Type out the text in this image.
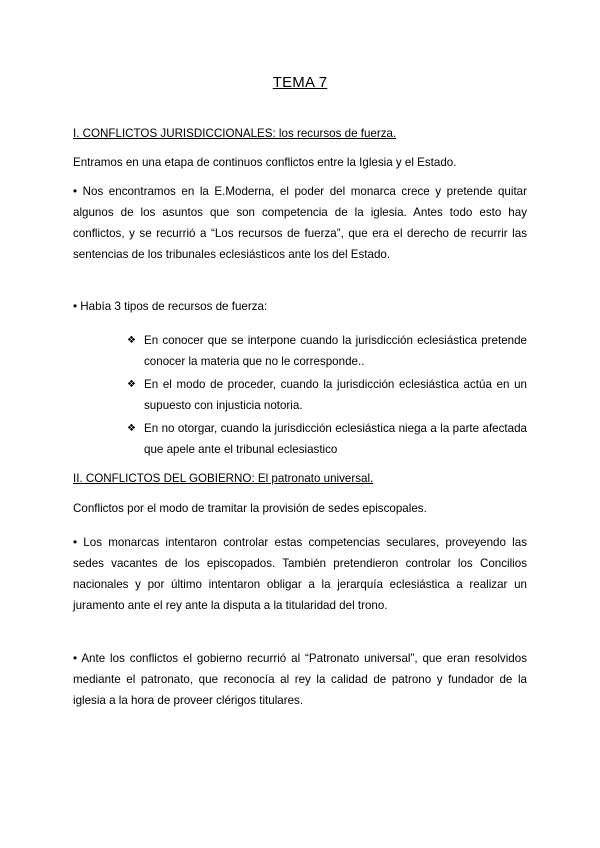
TEMA 7

I. CONFLICTOS JURISDICCIONALES: los recursos de fuerza.

Entramos en una etapa de continuos conflictos entre la Iglesia y el Estado.

• Nos encontramos en la E.Moderna, el poder del monarca crece y pretende quitar algunos de los asuntos que son competencia de la iglesia. Antes todo esto hay conflictos, y se recurrió a “Los recursos de fuerza”, que era el derecho de recurrir las sentencias de los tribunales eclesiásticos ante los del Estado.

• Había 3 tipos de recursos de fuerza:

❖ En conocer que se interpone cuando la jurisdicción eclesiástica pretende conocer la materia que no le corresponde..
❖ En el modo de proceder, cuando la jurisdicción eclesiástica actúa en un supuesto con injusticia notoria.
❖ En no otorgar, cuando la jurisdicción eclesiástica niega a la parte afectada que apele ante el tribunal eclesiastico

II. CONFLICTOS DEL GOBIERNO: El patronato universal.

Conflictos por el modo de tramitar la provisión de sedes episcopales.

• Los monarcas intentaron controlar estas competencias seculares, proveyendo las sedes vacantes de los episcopados. También pretendieron controlar los Concilios nacionales y por último intentaron obligar a la jerarquía eclesiástica a realizar un juramento ante el rey ante la disputa a la titularidad del trono.

• Ante los conflictos el gobierno recurrió al “Patronato universal”, que eran resolvidos mediante el patronato, que reconocía al rey la calidad de patrono y fundador de la iglesia a la hora de proveer clérigos titulares.
